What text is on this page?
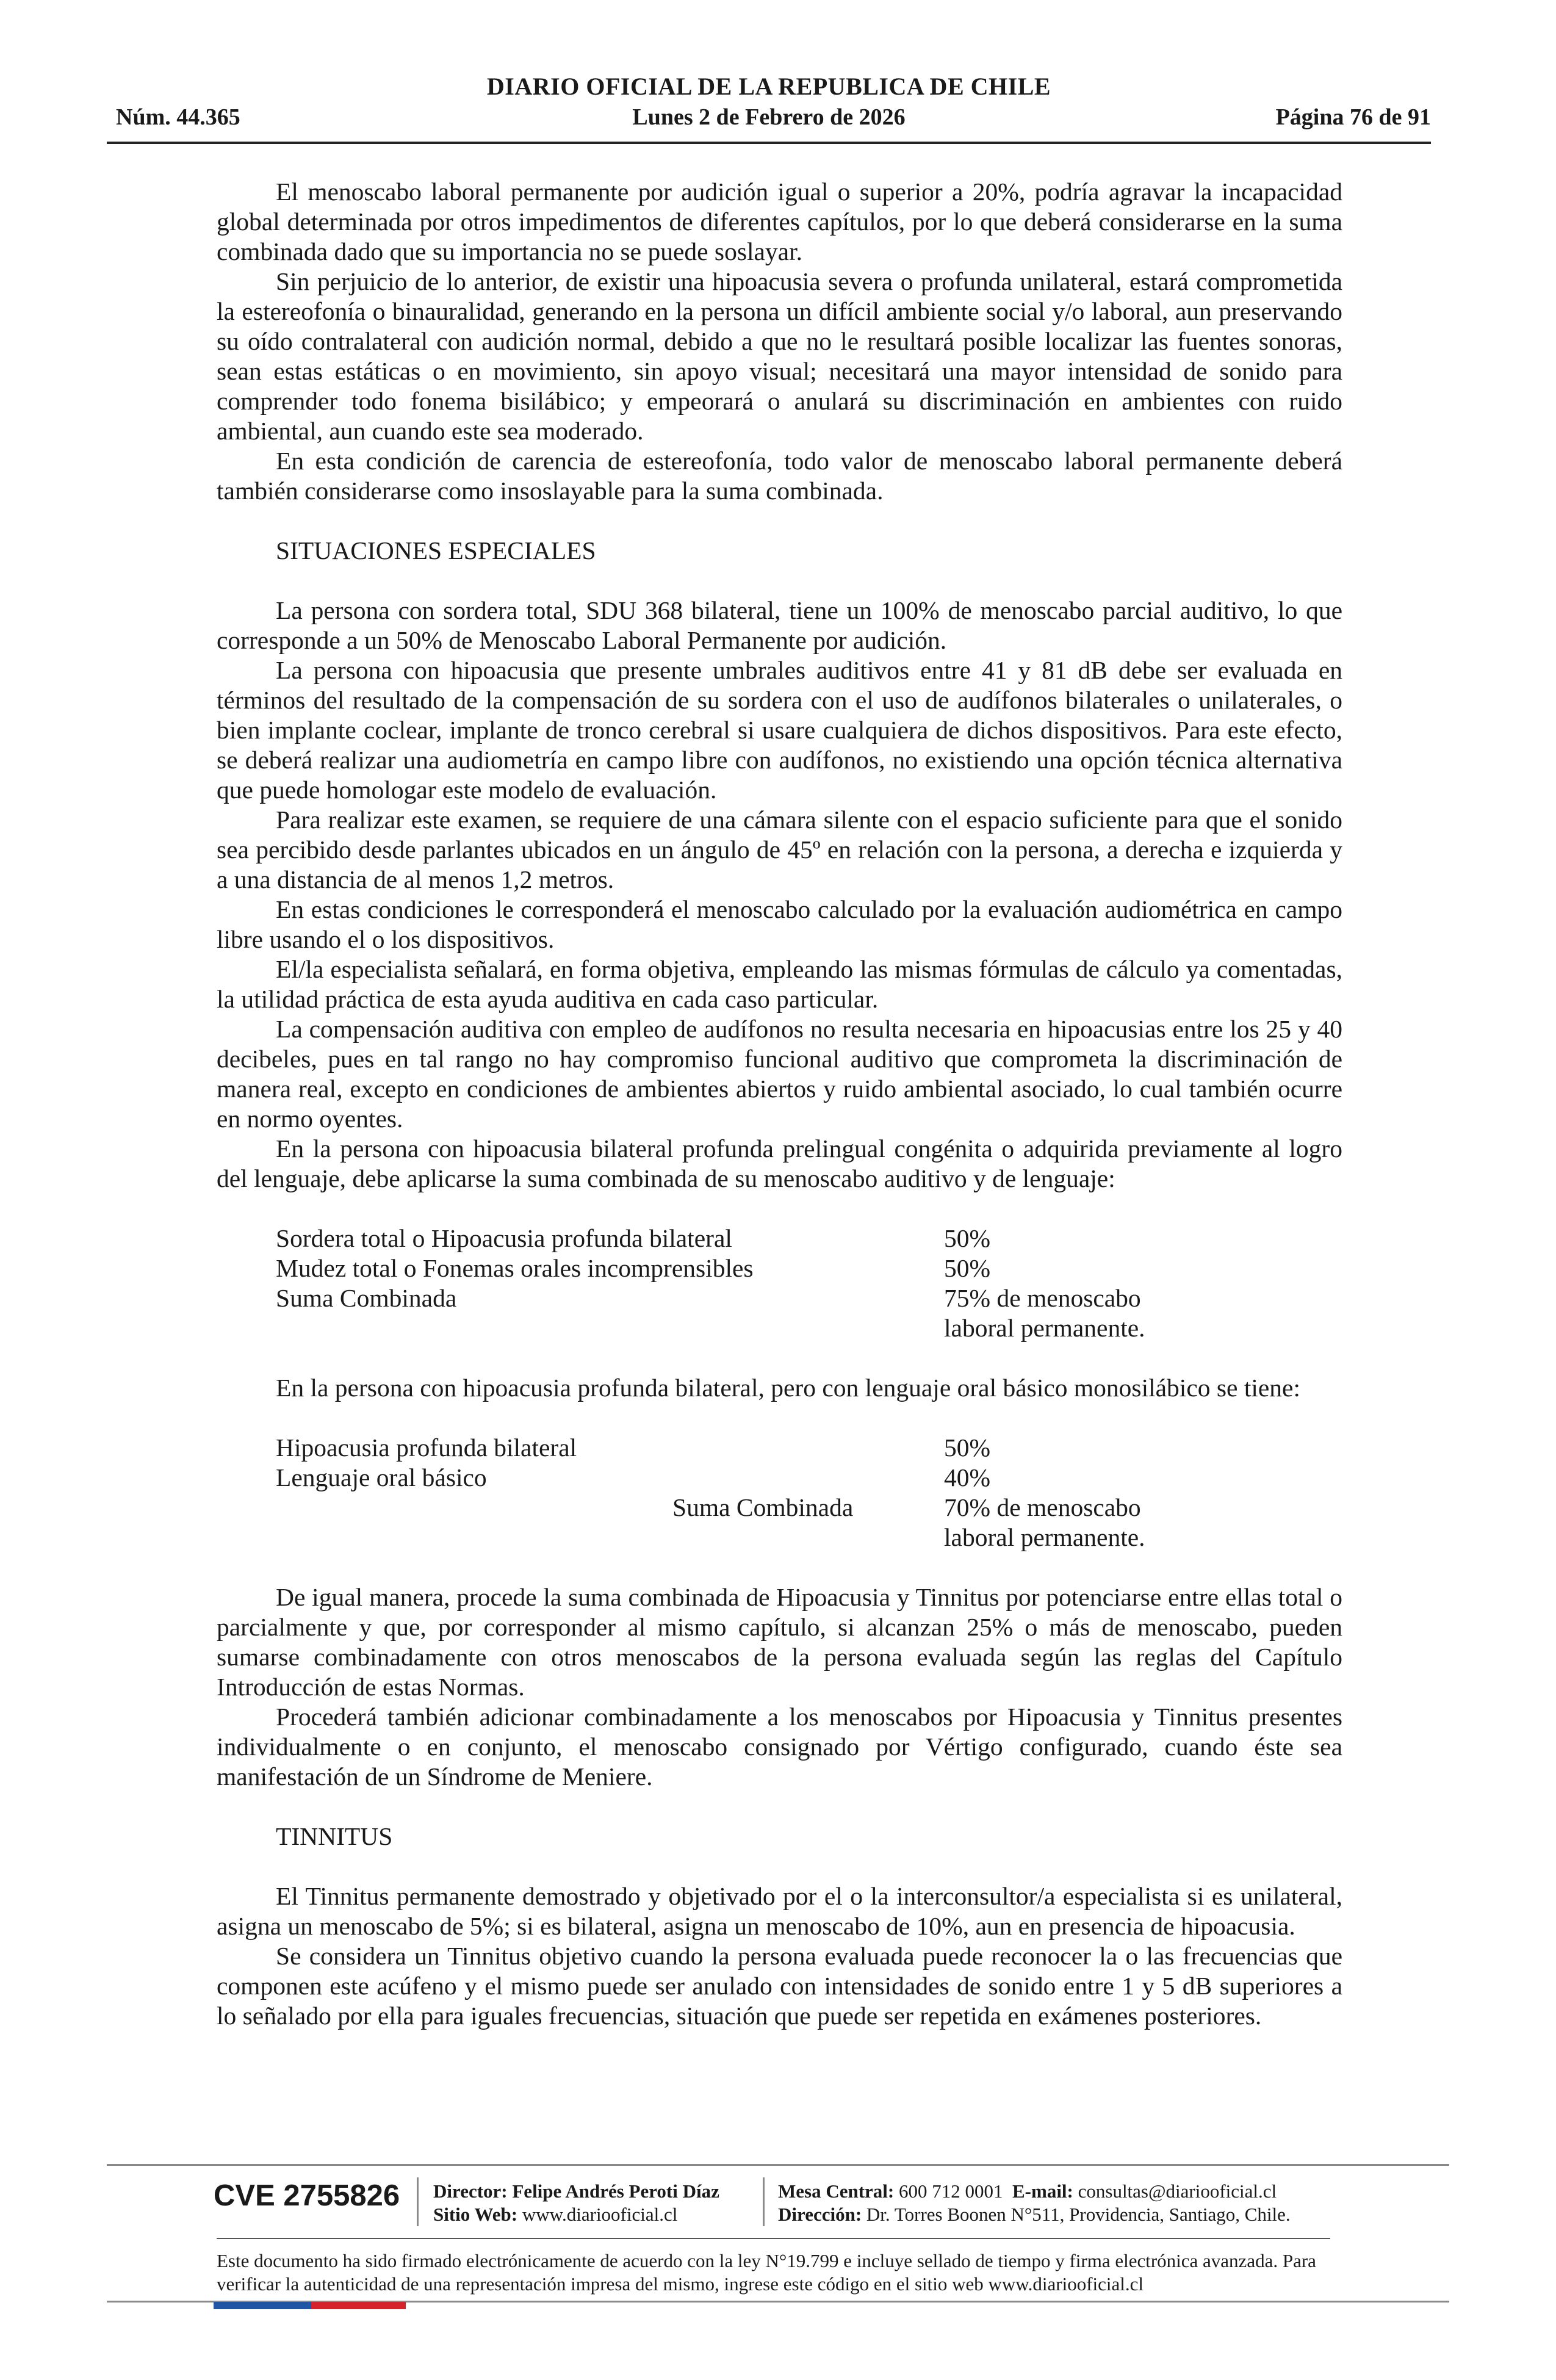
DIARIO OFICIAL DE LA REPUBLICA DE CHILE
Núm. 44.365	Lunes 2 de Febrero de 2026	Página 76 de 91

El menoscabo laboral permanente por audición igual o superior a 20%, podría agravar la incapacidad global determinada por otros impedimentos de diferentes capítulos, por lo que deberá considerarse en la suma combinada dado que su importancia no se puede soslayar.

Sin perjuicio de lo anterior, de existir una hipoacusia severa o profunda unilateral, estará comprometida la estereofonía o binauralidad, generando en la persona un difícil ambiente social y/o laboral, aun preservando su oído contralateral con audición normal, debido a que no le resultará posible localizar las fuentes sonoras, sean estas estáticas o en movimiento, sin apoyo visual; necesitará una mayor intensidad de sonido para comprender todo fonema bisilábico; y empeorará o anulará su discriminación en ambientes con ruido ambiental, aun cuando este sea moderado.

En esta condición de carencia de estereofonía, todo valor de menoscabo laboral permanente deberá también considerarse como insoslayable para la suma combinada.

SITUACIONES ESPECIALES

La persona con sordera total, SDU 368 bilateral, tiene un 100% de menoscabo parcial auditivo, lo que corresponde a un 50% de Menoscabo Laboral Permanente por audición.

La persona con hipoacusia que presente umbrales auditivos entre 41 y 81 dB debe ser evaluada en términos del resultado de la compensación de su sordera con el uso de audífonos bilaterales o unilaterales, o bien implante coclear, implante de tronco cerebral si usare cualquiera de dichos dispositivos. Para este efecto, se deberá realizar una audiometría en campo libre con audífonos, no existiendo una opción técnica alternativa que puede homologar este modelo de evaluación.

Para realizar este examen, se requiere de una cámara silente con el espacio suficiente para que el sonido sea percibido desde parlantes ubicados en un ángulo de 45º en relación con la persona, a derecha e izquierda y a una distancia de al menos 1,2 metros.

En estas condiciones le corresponderá el menoscabo calculado por la evaluación audiométrica en campo libre usando el o los dispositivos.

El/la especialista señalará, en forma objetiva, empleando las mismas fórmulas de cálculo ya comentadas, la utilidad práctica de esta ayuda auditiva en cada caso particular.

La compensación auditiva con empleo de audífonos no resulta necesaria en hipoacusias entre los 25 y 40 decibeles, pues en tal rango no hay compromiso funcional auditivo que comprometa la discriminación de manera real, excepto en condiciones de ambientes abiertos y ruido ambiental asociado, lo cual también ocurre en normo oyentes.

En la persona con hipoacusia bilateral profunda prelingual congénita o adquirida previamente al logro del lenguaje, debe aplicarse la suma combinada de su menoscabo auditivo y de lenguaje:

Sordera total o Hipoacusia profunda bilateral	50%
Mudez total o Fonemas orales incomprensibles	50%
Suma Combinada	75% de menoscabo
laboral permanente.

En la persona con hipoacusia profunda bilateral, pero con lenguaje oral básico monosilábico se tiene:

Hipoacusia profunda bilateral	50%
Lenguaje oral básico	40%
Suma Combinada	70% de menoscabo
laboral permanente.

De igual manera, procede la suma combinada de Hipoacusia y Tinnitus por potenciarse entre ellas total o parcialmente y que, por corresponder al mismo capítulo, si alcanzan 25% o más de menoscabo, pueden sumarse combinadamente con otros menoscabos de la persona evaluada según las reglas del Capítulo Introducción de estas Normas.

Procederá también adicionar combinadamente a los menoscabos por Hipoacusia y Tinnitus presentes individualmente o en conjunto, el menoscabo consignado por Vértigo configurado, cuando éste sea manifestación de un Síndrome de Meniere.

TINNITUS

El Tinnitus permanente demostrado y objetivado por el o la interconsultor/a especialista si es unilateral, asigna un menoscabo de 5%; si es bilateral, asigna un menoscabo de 10%, aun en presencia de hipoacusia.

Se considera un Tinnitus objetivo cuando la persona evaluada puede reconocer la o las frecuencias que componen este acúfeno y el mismo puede ser anulado con intensidades de sonido entre 1 y 5 dB superiores a lo señalado por ella para iguales frecuencias, situación que puede ser repetida en exámenes posteriores.

CVE 2755826 Director: Felipe Andrés Peroti Díaz
Sitio Web: www.diariooficial.cl
Mesa Central: 600 712 0001 E-mail: consultas@diariooficial.cl
Dirección: Dr. Torres Boonen N°511, Providencia, Santiago, Chile.
Este documento ha sido firmado electrónicamente de acuerdo con la ley N°19.799 e incluye sellado de tiempo y firma electrónica avanzada. Para verificar la autenticidad de una representación impresa del mismo, ingrese este código en el sitio web www.diariooficial.cl
